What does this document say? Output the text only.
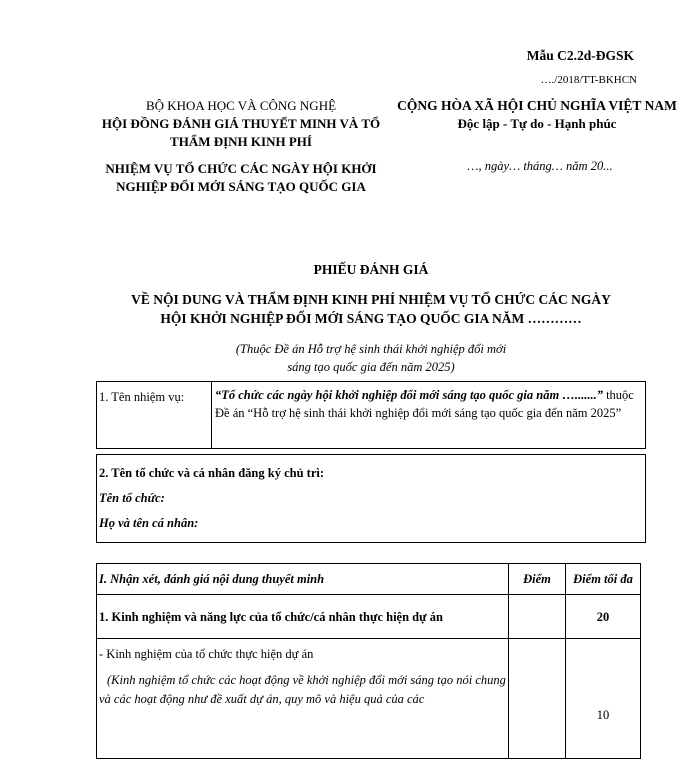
Mẫu C2.2d-ĐGSK
…./2018/TT-BKHCN
BỘ KHOA HỌC VÀ CÔNG NGHỆ
HỘI ĐỒNG ĐÁNH GIÁ THUYẾT MINH VÀ TỔ THẨM ĐỊNH KINH PHÍ
NHIỆM VỤ TỔ CHỨC CÁC NGÀY HỘI KHỞI NGHIỆP ĐỔI MỚI SÁNG TẠO QUỐC GIA
CỘNG HÒA XÃ HỘI CHỦ NGHĨA VIỆT NAM
Độc lập - Tự do - Hạnh phúc
…, ngày… tháng… năm 20...
PHIẾU ĐÁNH GIÁ
VỀ NỘI DUNG VÀ THẨM ĐỊNH KINH PHÍ NHIỆM VỤ TỔ CHỨC CÁC NGÀY HỘI KHỞI NGHIỆP ĐỔI MỚI SÁNG TẠO QUỐC GIA NĂM …………
(Thuộc Đề án Hỗ trợ hệ sinh thái khởi nghiệp đổi mới sáng tạo quốc gia đến năm 2025)
1. Tên nhiệm vụ:	“Tổ chức các ngày hội khởi nghiệp đổi mới sáng tạo quốc gia năm ….......” thuộc Đề án “Hỗ trợ hệ sinh thái khởi nghiệp đổi mới sáng tạo quốc gia đến năm 2025”
2. Tên tổ chức và cá nhân đăng ký chủ trì:
Tên tổ chức:
Họ và tên cá nhân:
I. Nhận xét, đánh giá nội dung thuyết minh	Điểm	Điểm tối đa
1. Kinh nghiệm và năng lực của tổ chức/cá nhân thực hiện dự án		20

- Kinh nghiệm của tổ chức thực hiện dự án
(Kinh nghiệm tổ chức các hoạt động về khởi nghiệp đổi mới sáng tạo nói chung và các hoạt động như đề xuất dự án, quy mô và hiệu quả của các		10
